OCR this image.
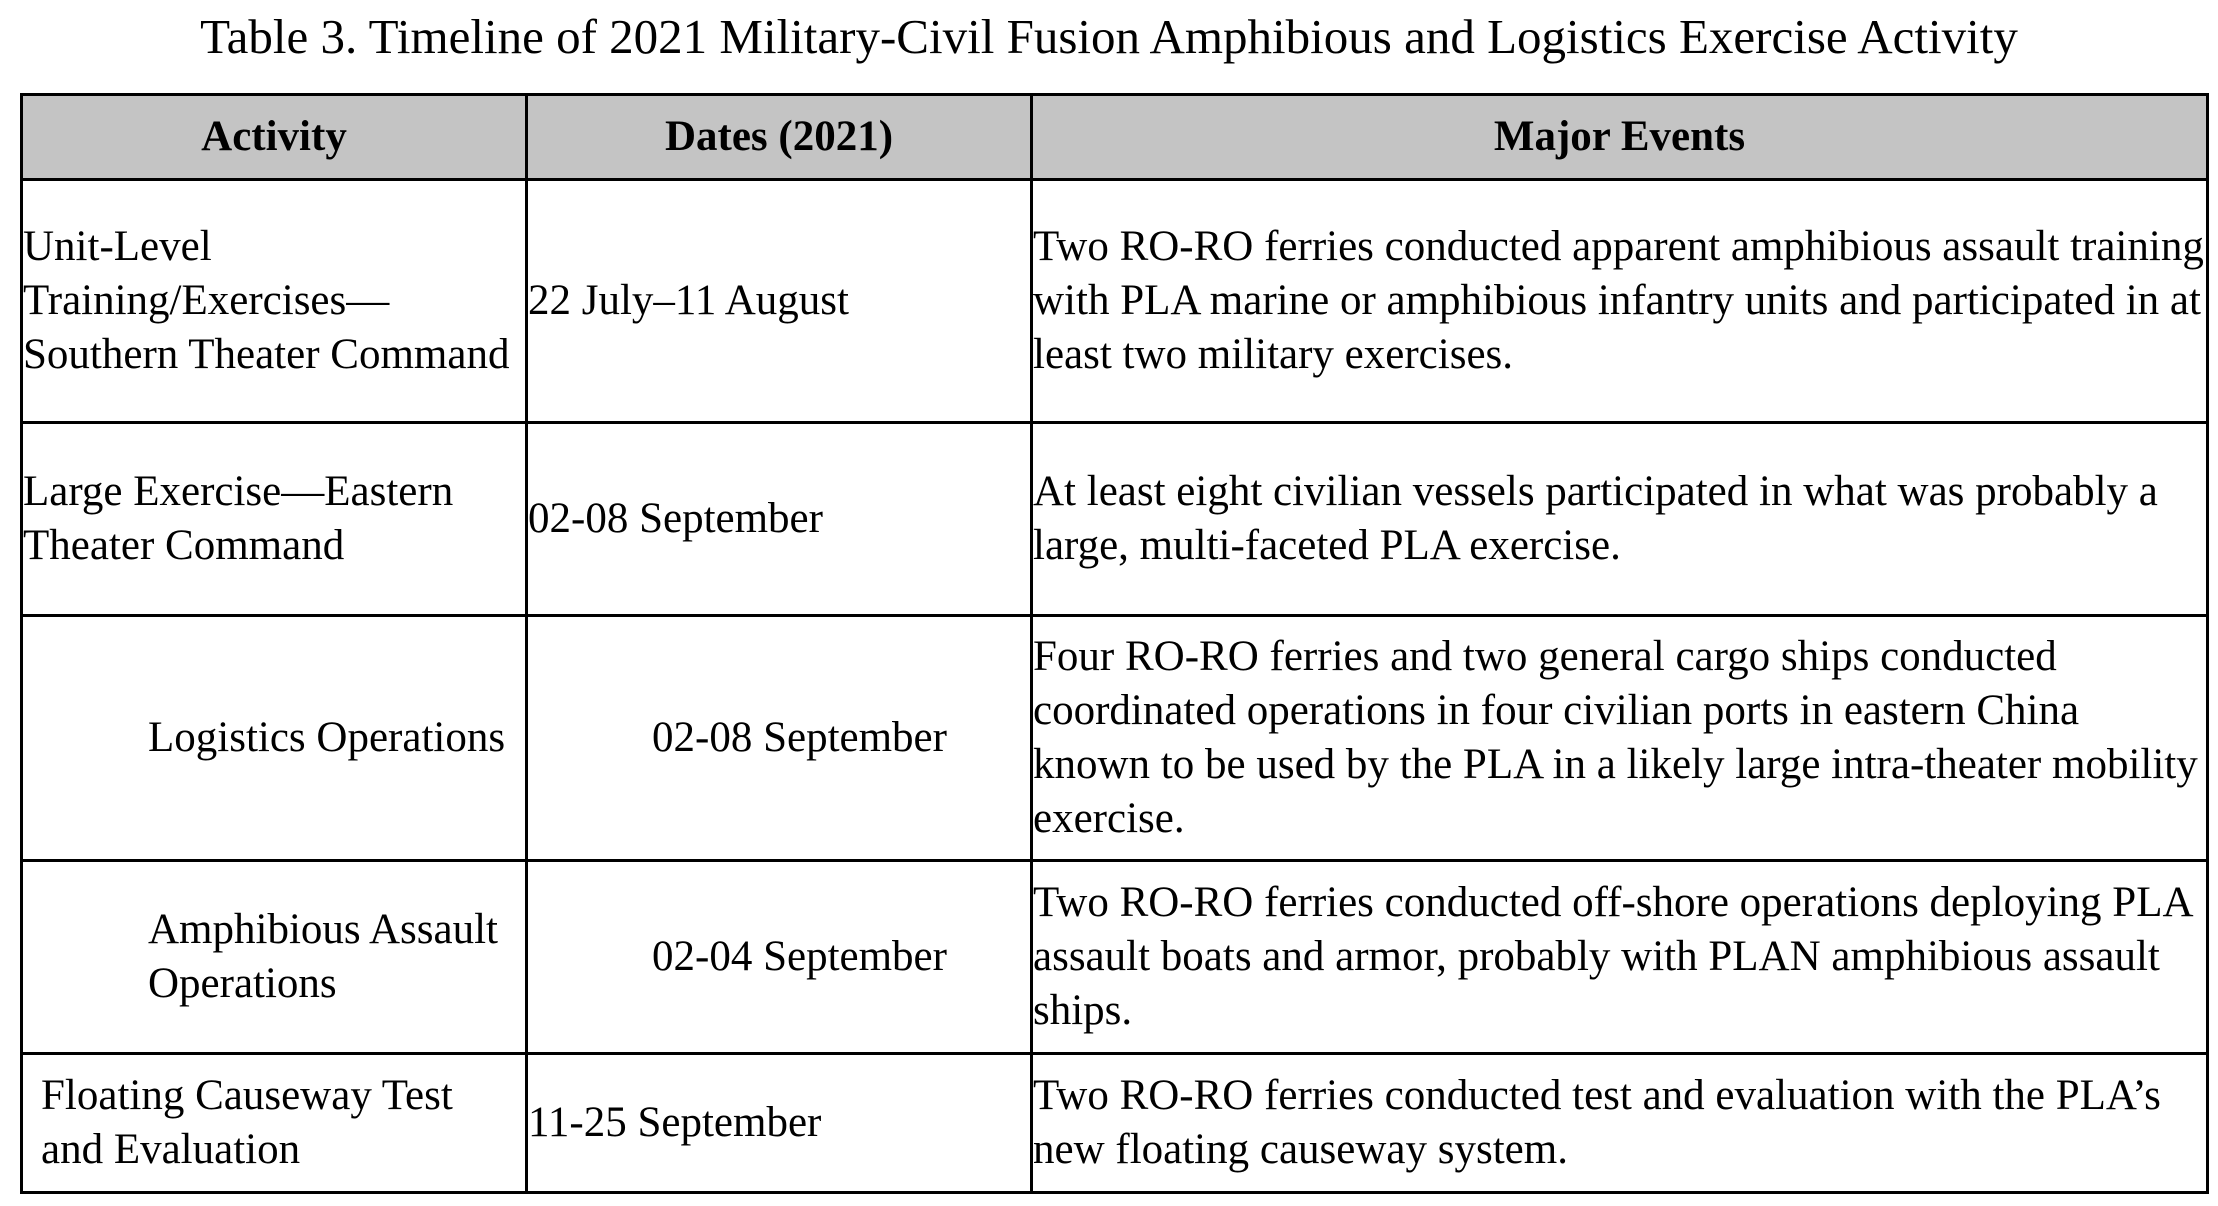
Table 3. Timeline of 2021 Military-Civil Fusion Amphibious and Logistics Exercise Activity
Activity	Dates (2021)	Major Events
Unit-Level Training/Exercises—Southern Theater Command	22 July–11 August	Two RO-RO ferries conducted apparent amphibious assault training with PLA marine or amphibious infantry units and participated in at least two military exercises.
Large Exercise—Eastern Theater Command	02-08 September	At least eight civilian vessels participated in what was probably a large, multi-faceted PLA exercise.
Logistics Operations	02-08 September	Four RO-RO ferries and two general cargo ships conducted coordinated operations in four civilian ports in eastern China known to be used by the PLA in a likely large intra-theater mobility exercise.
Amphibious Assault Operations	02-04 September	Two RO-RO ferries conducted off-shore operations deploying PLA assault boats and armor, probably with PLAN amphibious assault ships.
Floating Causeway Test and Evaluation	11-25 September	Two RO-RO ferries conducted test and evaluation with the PLA’s new floating causeway system.
